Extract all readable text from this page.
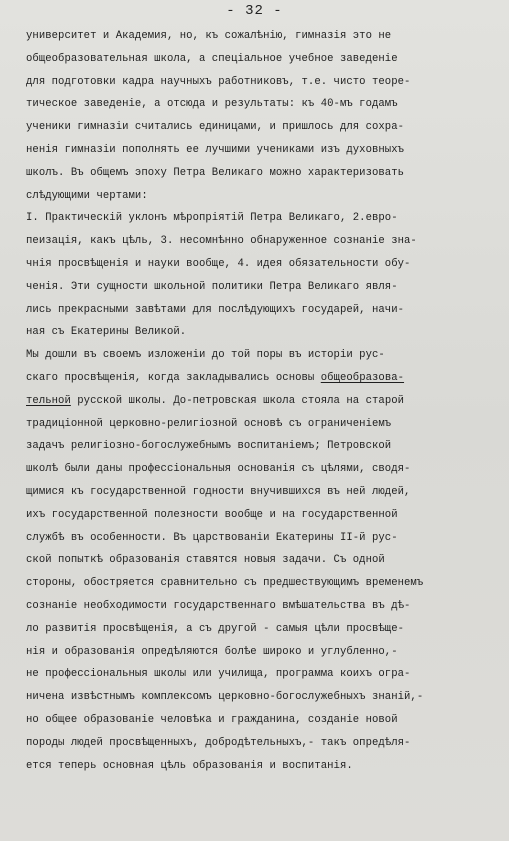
- 32 -
университет и Академия, но, къ сожалѣнію, гимназія это не
общеобразовательная школа, а спеціальное учебное заведеніе
для подготовки кадра научныхъ работниковъ, т.е. чисто теоре-
тическое заведеніе, а отсюда и результаты: къ 40-мъ годамъ
ученики гимназіи считались единицами, и пришлось для сохра-
ненія гимназіи пополнять ее лучшими учениками изъ духовныхъ
школъ. Въ общемъ эпоху Петра Великаго можно характеризовать
слѣдующими чертами:
I. Практическій уклонъ мѣропріятій Петра Великаго, 2.евро-
пеизація, какъ цѣль, 3. несомнѣнно обнаруженное сознаніе зна-
чнія просвѣщенія и науки вообще, 4. идея обязательности обу-
ченія. Эти сущности школьной политики Петра Великаго явля-
лись прекрасными завѣтами для послѣдующихъ государей, начи-
ная съ Екатерины Великой.
Мы дошли въ своемъ изложеніи до той поры въ исторіи рус-
скаго просвѣщенія, когда закладывались основы общеобразова-
тельной русской школы. До-петровская школа стояла на старой
традиціонной церковно-религіозной основѣ съ ограниченіемъ
задачъ религіозно-богослужебнымъ воспитаніемъ; Петровской
школѣ были даны профессіональныя основанія съ цѣлями, сводя-
щимися къ государственной годности внучившихся въ ней людей,
ихъ государственной полезности вообще и на государственной
службѣ въ особенности. Въ царствованіи Екатерины II-й рус-
ской попыткѣ образованія ставятся новыя задачи. Съ одной
стороны, обостряется сравнительно съ предшествующимъ временемъ
сознаніе необходимости государственнаго вмѣшательства въ дѣ-
ло развитія просвѣщенія, а съ другой - самыя цѣли просвѣще-
нія и образованія опредѣляются болѣе широко и углубленно,-
не профессіональныя школы или училища, программа коихъ огра-
ничена извѣстнымъ комплексомъ церковно-богослужебныхъ знаній,-
но общее образованіе человѣка и гражданина, созданіе новой
породы людей просвѣщенныхъ, добродѣтельныхъ,- такъ опредѣля-
ется теперь основная цѣль образованія и воспитанія.
